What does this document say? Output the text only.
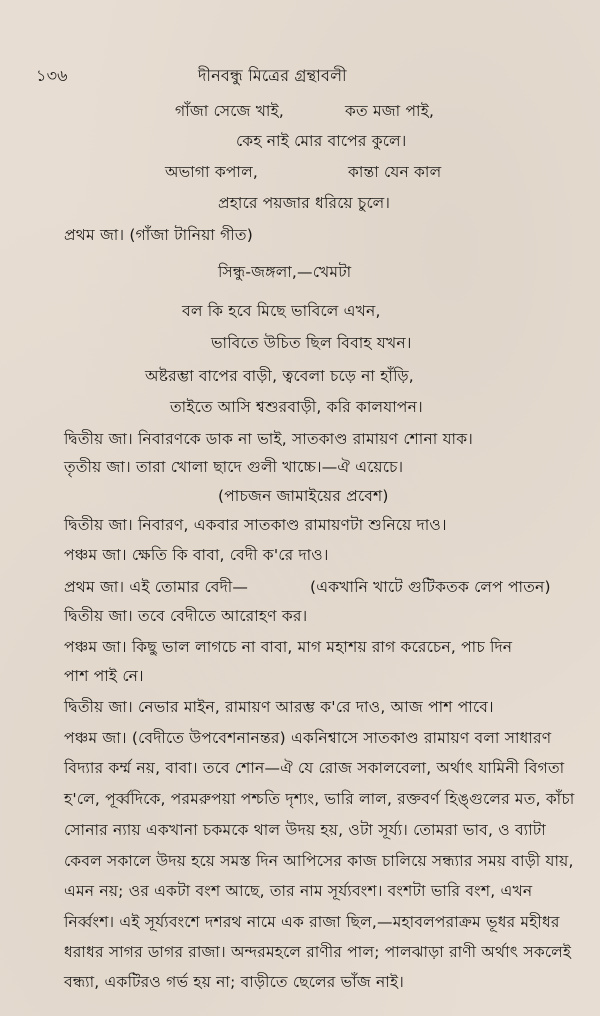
১৩৬	দীনবন্ধু মিত্রের গ্রন্থাবলী
গাঁজা সেজে খাই,	কত মজা পাই,
কেহ নাই মোর বাপের কুলে।
অভাগা কপাল,	কান্তা যেন কাল
প্রহারে পয়জার ধরিয়ে চুলে।
প্রথম জা। (গাঁজা টানিয়া গীত)
সিন্ধু-জঙ্গলা,—খেমটা
বল কি হবে মিছে ভাবিলে এখন,
ভাবিতে উচিত ছিল বিবাহ যখন।
অষ্টরম্ভা বাপের বাড়ী, ত্ববেলা চড়ে না হাঁড়ি,
তাইতে আসি শ্বশুরবাড়ী, করি কালযাপন।
দ্বিতীয় জা। নিবারণকে ডাক না ভাই, সাতকাণ্ড রামায়ণ শোনা যাক।
তৃতীয় জা। তারা খোলা ছাদে গুলী খাচ্চে।—ঐ এয়েচে।
(পাচজন জামাইয়ের প্রবেশ)
দ্বিতীয় জা। নিবারণ, একবার সাতকাণ্ড রামায়ণটা শুনিয়ে দাও।
পঞ্চম জা। ক্ষেতি কি বাবা, বেদী ক'রে দাও।
প্রথম জা। এই তোমার বেদী—	(একখানি খাটে গুটিকতক লেপ পাতন)
দ্বিতীয় জা। তবে বেদীতে আরোহণ কর।
পঞ্চম জা। কিছু ভাল লাগচে না বাবা, মাগ মহাশয় রাগ করেচেন, পাচ দিন
পাশ পাই নে।
দ্বিতীয় জা। নেভার মাইন, রামায়ণ আরম্ভ ক'রে দাও, আজ পাশ পাবে।
পঞ্চম জা। (বেদীতে উপবেশনানন্তর) একনিশ্বাসে সাতকাণ্ড রামায়ণ বলা সাধারণ
বিদ্যার কর্ম্ম নয়, বাবা। তবে শোন—ঐ যে রোজ সকালবেলা, অর্থাৎ যামিনী বিগতা
হ'লে, পূর্ব্বদিকে, পরমরুপয়া পশ্চতি দৃশ্যং, ভারি লাল, রক্তবর্ণ হিঙ্গুলের মত, কাঁচা
সোনার ন্যায় একখানা চকমকে থাল উদয় হয়, ওটা সূর্য্য। তোমরা ভাব, ও ব্যাটা
কেবল সকালে উদয় হয়ে সমস্ত দিন আপিসের কাজ চালিয়ে সন্ধ্যার সময় বাড়ী যায়,
এমন নয়; ওর একটা বংশ আছে, তার নাম সূর্য্যবংশ। বংশটা ভারি বংশ, এখন
নির্ব্বংশ। এই সূর্য্যবংশে দশরথ নামে এক রাজা ছিল,—মহাবলপরাক্রম ভূধর মহীধর
ধরাধর সাগর ডাগর রাজা। অন্দরমহলে রাণীর পাল; পালঝাড়া রাণী অর্থাৎ সকলেই
বন্ধ্যা, একটিরও গর্ভ হয় না; বাড়ীতে ছেলের ভাঁজ নাই।
